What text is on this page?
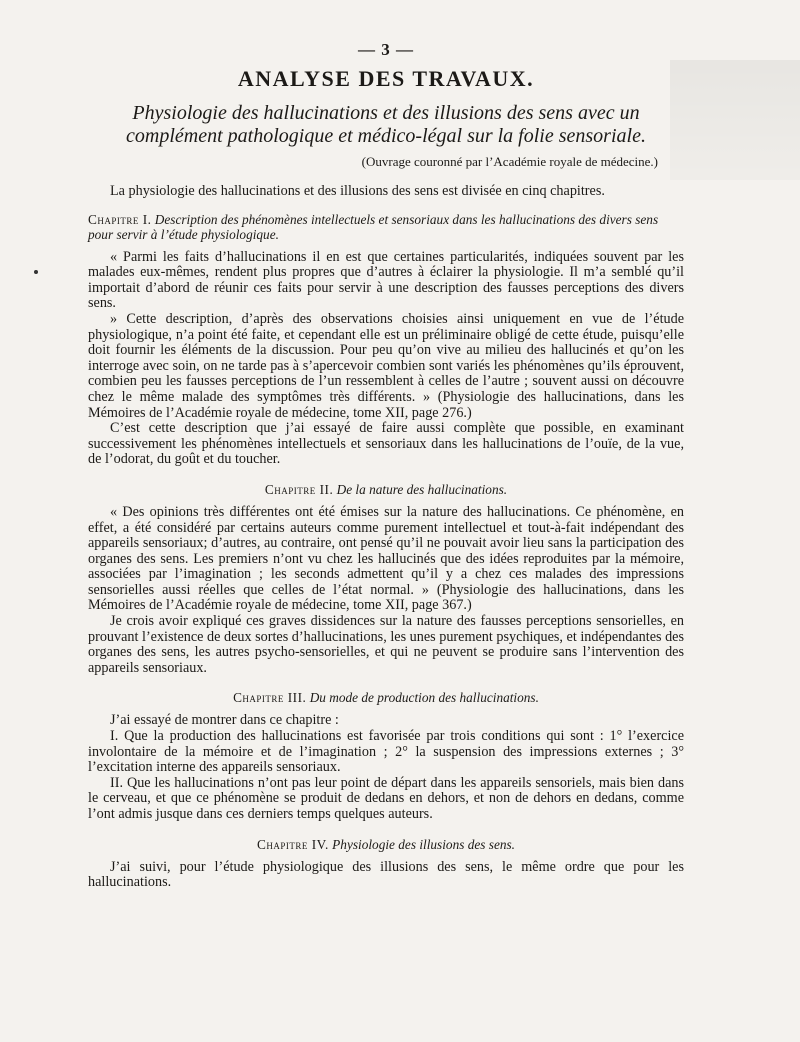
— 3 —
ANALYSE DES TRAVAUX.
Physiologie des hallucinations et des illusions des sens avec un complément pathologique et médico-légal sur la folie sensoriale.
(Ouvrage couronné par l’Académie royale de médecine.)

La physiologie des hallucinations et des illusions des sens est divisée en cinq chapitres.

Chapitre I. Description des phénomènes intellectuels et sensoriaux dans les hallucinations des divers sens pour servir à l’étude physiologique.

« Parmi les faits d’hallucinations il en est que certaines particularités, indiquées souvent par les malades eux-mêmes, rendent plus propres que d’autres à éclairer la physiologie. Il m’a semblé qu’il importait d’abord de réunir ces faits pour servir à une description des fausses perceptions des divers sens.

» Cette description, d’après des observations choisies ainsi uniquement en vue de l’étude physiologique, n’a point été faite, et cependant elle est un préliminaire obligé de cette étude, puisqu’elle doit fournir les éléments de la discussion. Pour peu qu’on vive au milieu des hallucinés et qu’on les interroge avec soin, on ne tarde pas à s’apercevoir combien sont variés les phénomènes qu’ils éprouvent, combien peu les fausses perceptions de l’un ressemblent à celles de l’autre ; souvent aussi on découvre chez le même malade des symptômes très différents. » (Physiologie des hallucinations, dans les Mémoires de l’Académie royale de médecine, tome XII, page 276.)

C’est cette description que j’ai essayé de faire aussi complète que possible, en examinant successivement les phénomènes intellectuels et sensoriaux dans les hallucinations de l’ouïe, de la vue, de l’odorat, du goût et du toucher.

Chapitre II. De la nature des hallucinations.

« Des opinions très différentes ont été émises sur la nature des hallucinations. Ce phénomène, en effet, a été considéré par certains auteurs comme purement intellectuel et tout-à-fait indépendant des appareils sensoriaux; d’autres, au contraire, ont pensé qu’il ne pouvait avoir lieu sans la participation des organes des sens. Les premiers n’ont vu chez les hallucinés que des idées reproduites par la mémoire, associées par l’imagination ; les seconds admettent qu’il y a chez ces malades des impressions sensorielles aussi réelles que celles de l’état normal. » (Physiologie des hallucinations, dans les Mémoires de l’Académie royale de médecine, tome XII, page 367.)

Je crois avoir expliqué ces graves dissidences sur la nature des fausses perceptions sensorielles, en prouvant l’existence de deux sortes d’hallucinations, les unes purement psychiques, et indépendantes des organes des sens, les autres psycho-sensorielles, et qui ne peuvent se produire sans l’intervention des appareils sensoriaux.

Chapitre III. Du mode de production des hallucinations.

J’ai essayé de montrer dans ce chapitre :

I. Que la production des hallucinations est favorisée par trois conditions qui sont : 1° l’exercice involontaire de la mémoire et de l’imagination ; 2° la suspension des impressions externes ; 3° l’excitation interne des appareils sensoriaux.

II. Que les hallucinations n’ont pas leur point de départ dans les appareils sensoriels, mais bien dans le cerveau, et que ce phénomène se produit de dedans en dehors, et non de dehors en dedans, comme l’ont admis jusque dans ces derniers temps quelques auteurs.

Chapitre IV. Physiologie des illusions des sens.

J’ai suivi, pour l’étude physiologique des illusions des sens, le même ordre que pour les hallucinations.
